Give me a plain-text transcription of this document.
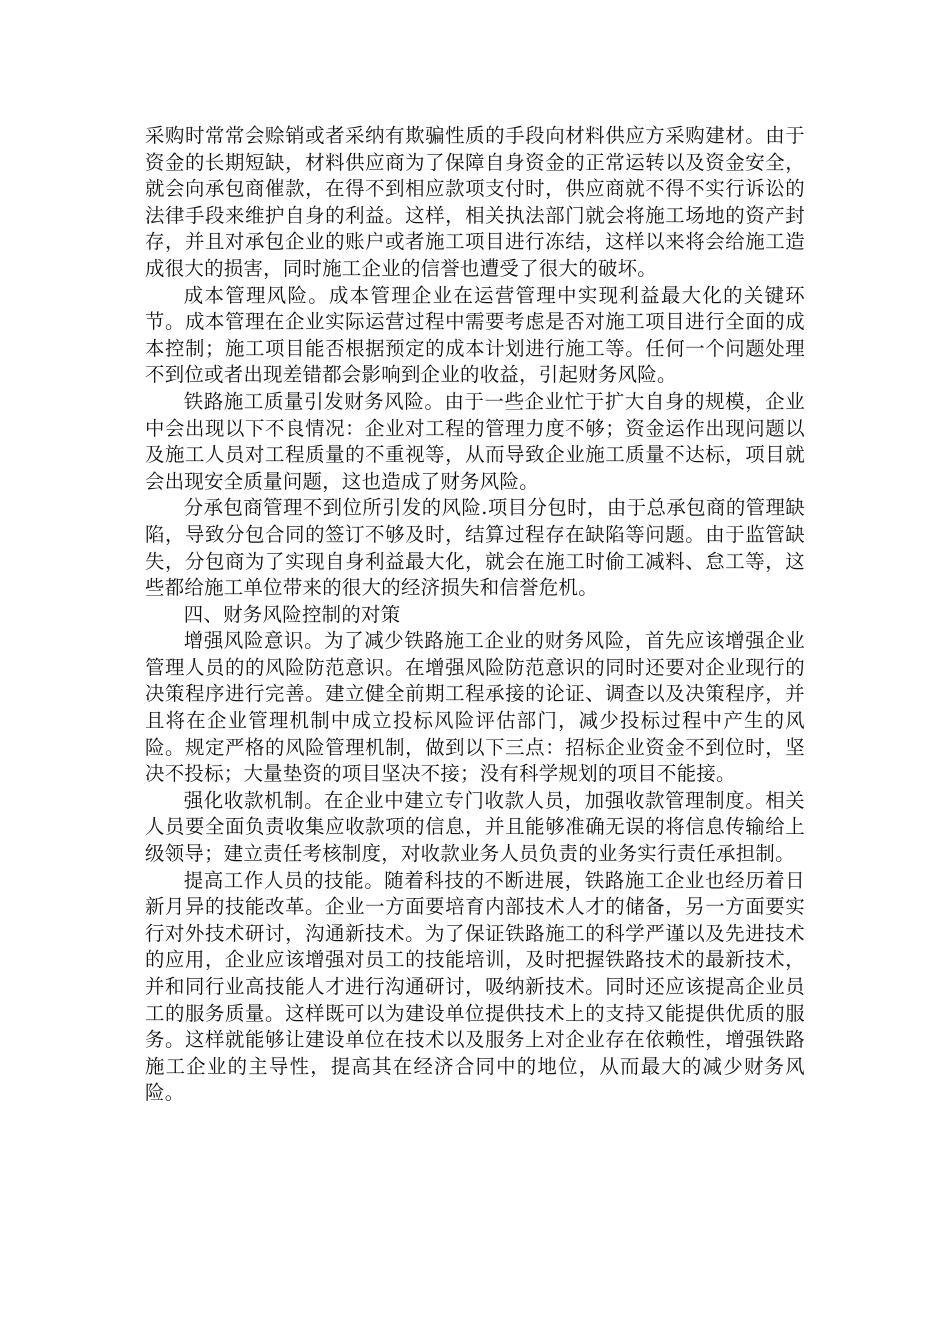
采购时常常会赊销或者采纳有欺骗性质的手段向材料供应方采购建材。由于资金的长期短缺，材料供应商为了保障自身资金的正常运转以及资金安全，就会向承包商催款，在得不到相应款项支付时，供应商就不得不实行诉讼的法律手段来维护自身的利益。这样，相关执法部门就会将施工场地的资产封存，并且对承包企业的账户或者施工项目进行冻结，这样以来将会给施工造成很大的损害，同时施工企业的信誉也遭受了很大的破坏。

成本管理风险。成本管理企业在运营管理中实现利益最大化的关键环节。成本管理在企业实际运营过程中需要考虑是否对施工项目进行全面的成本控制；施工项目能否根据预定的成本计划进行施工等。任何一个问题处理不到位或者出现差错都会影响到企业的收益，引起财务风险。

铁路施工质量引发财务风险。由于一些企业忙于扩大自身的规模，企业中会出现以下不良情况：企业对工程的管理力度不够；资金运作出现问题以及施工人员对工程质量的不重视等，从而导致企业施工质量不达标，项目就会出现安全质量问题，这也造成了财务风险。

分承包商管理不到位所引发的风险.项目分包时，由于总承包商的管理缺陷，导致分包合同的签订不够及时，结算过程存在缺陷等问题。由于监管缺失，分包商为了实现自身利益最大化，就会在施工时偷工减料、怠工等，这些都给施工单位带来的很大的经济损失和信誉危机。

四、财务风险控制的对策

增强风险意识。为了减少铁路施工企业的财务风险，首先应该增强企业管理人员的的风险防范意识。在增强风险防范意识的同时还要对企业现行的决策程序进行完善。建立健全前期工程承接的论证、调查以及决策程序，并且将在企业管理机制中成立投标风险评估部门，减少投标过程中产生的风险。规定严格的风险管理机制，做到以下三点：招标企业资金不到位时，坚决不投标；大量垫资的项目坚决不接；没有科学规划的项目不能接。

强化收款机制。在企业中建立专门收款人员，加强收款管理制度。相关人员要全面负责收集应收款项的信息，并且能够准确无误的将信息传输给上级领导；建立责任考核制度，对收款业务人员负责的业务实行责任承担制。

提高工作人员的技能。随着科技的不断进展，铁路施工企业也经历着日新月异的技能改革。企业一方面要培育内部技术人才的储备，另一方面要实行对外技术研讨，沟通新技术。为了保证铁路施工的科学严谨以及先进技术的应用，企业应该增强对员工的技能培训，及时把握铁路技术的最新技术，并和同行业高技能人才进行沟通研讨，吸纳新技术。同时还应该提高企业员工的服务质量。这样既可以为建设单位提供技术上的支持又能提供优质的服务。这样就能够让建设单位在技术以及服务上对企业存在依赖性，增强铁路施工企业的主导性，提高其在经济合同中的地位，从而最大的减少财务风险。
